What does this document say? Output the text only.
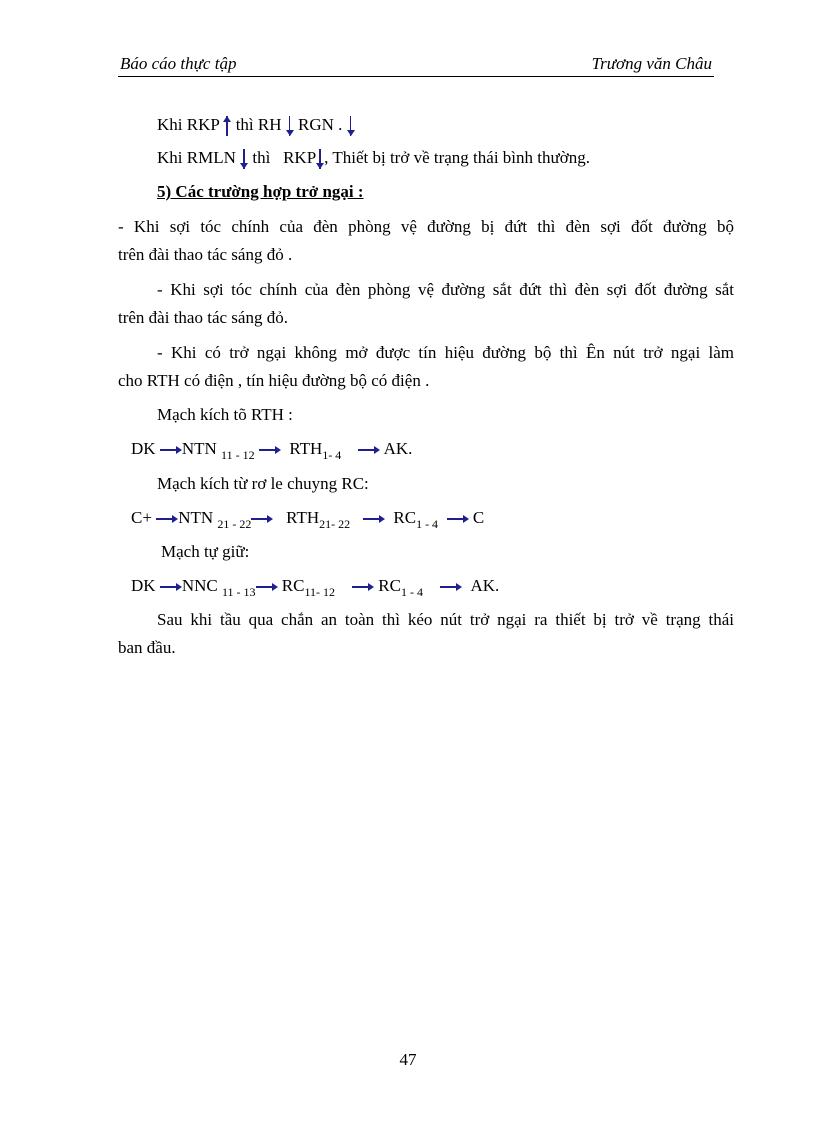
Báo cáo thực tập	Trương văn Châu
Khi RKP thì RH RGN .
Khi RMLN thì RKP , Thiết bị trở về trạng thái bình thường.
5) Các trường hợp trở ngại :
- Khi sợi tóc chính của đèn phòng vệ đường bị đứt thì đèn sợi đốt đường bộ
trên đài thao tác sáng đỏ .
- Khi sợi tóc chính của đèn phòng vệ đường sắt đứt thì đèn sợi đốt đường sắt
trên đài thao tác sáng đỏ.
- Khi có trở ngại không mở được tín hiệu đường bộ thì Ên nút trở ngại làm
cho RTH có điện , tín hiệu đường bộ có điện .
Mạch kích tõ RTH :
DK NTN $_{11 - 12}$ $RTH_{1- 4}$ AK.
Mạch kích từ rơ le chuyng RC:
C+ NTN $_{21 - 22}$ $RTH_{21- 22}$	$RC_{1 - 4}$ C
Mạch tự giữ:
DK NNC $_{11 - 13}$ $RC_{11- 12}$	$RC_{1 - 4}$	AK.
Sau khi tầu qua chắn an toàn thì kéo nút trở ngại ra thiết bị trở về trạng thái
ban đầu.
47
